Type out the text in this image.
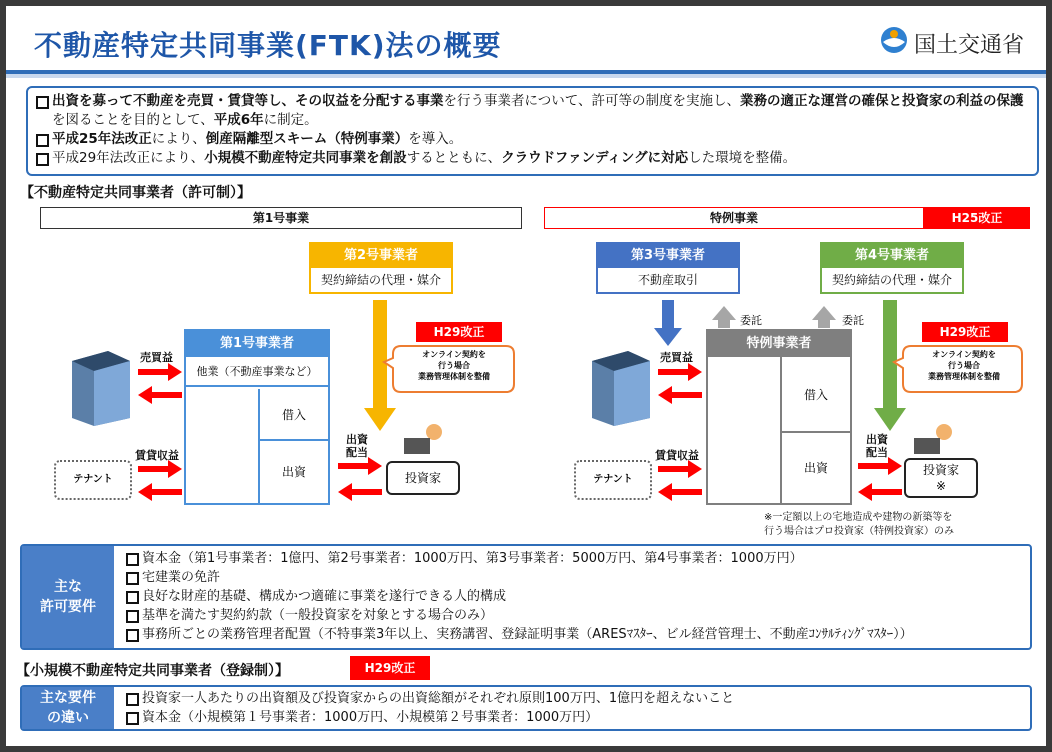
不動産特定共同事業(FTK)法の概要	国土交通省
出資を募って不動産を売買・賃貸等し、その収益を分配する事業を行う事業者について、許可等の制度を実施し、業務の適正な運営の確保と投資家の利益の保護を図ることを目的として、平成6年に制定。
平成25年法改正により、倒産隔離型スキーム（特例事業）を導入。
平成29年法改正により、小規模不動産特定共同事業を創設するとともに、クラウドファンディングに対応した環境を整備。
【不動産特定共同事業者（許可制）】
第1号事業	特例事業	H25改正
第2号事業者
契約締結の代理・媒介
第3号事業者
不動産取引
第4号事業者
契約締結の代理・媒介
第1号事業者
他業（不動産事業など）
借入
出資
特例事業者
借入
出資
売買益
賃貸収益
出資
配当
売買益
賃貸収益
出資
配当
委託	委託
テナント	テナント
投資家
投資家
※
H29改正	H29改正
オンライン契約を
行う場合
業務管理体制を整備
オンライン契約を
行う場合
業務管理体制を整備
※一定額以上の宅地造成や建物の新築等を
行う場合はプロ投資家（特例投資家）のみ
主な
許可要件
資本金（第1号事業者：1億円、第2号事業者：1000万円、第3号事業者：5000万円、第4号事業者：1000万円）
宅建業の免許
良好な財産的基礎、構成かつ適確に事業を遂行できる人的構成
基準を満たす契約約款（一般投資家を対象とする場合のみ）
事務所ごとの業務管理者配置（不特事業3年以上、実務講習、登録証明事業（ARESﾏｽﾀｰ、ビル経営管理士、不動産ｺﾝｻﾙﾃｨﾝｸﾞﾏｽﾀｰ））
【小規模不動産特定共同事業者（登録制）】	H29改正
主な要件
の違い
投資家一人あたりの出資額及び投資家からの出資総額がそれぞれ原則100万円、1億円を超えないこと
資本金（小規模第１号事業者：1000万円、小規模第２号事業者：1000万円）
